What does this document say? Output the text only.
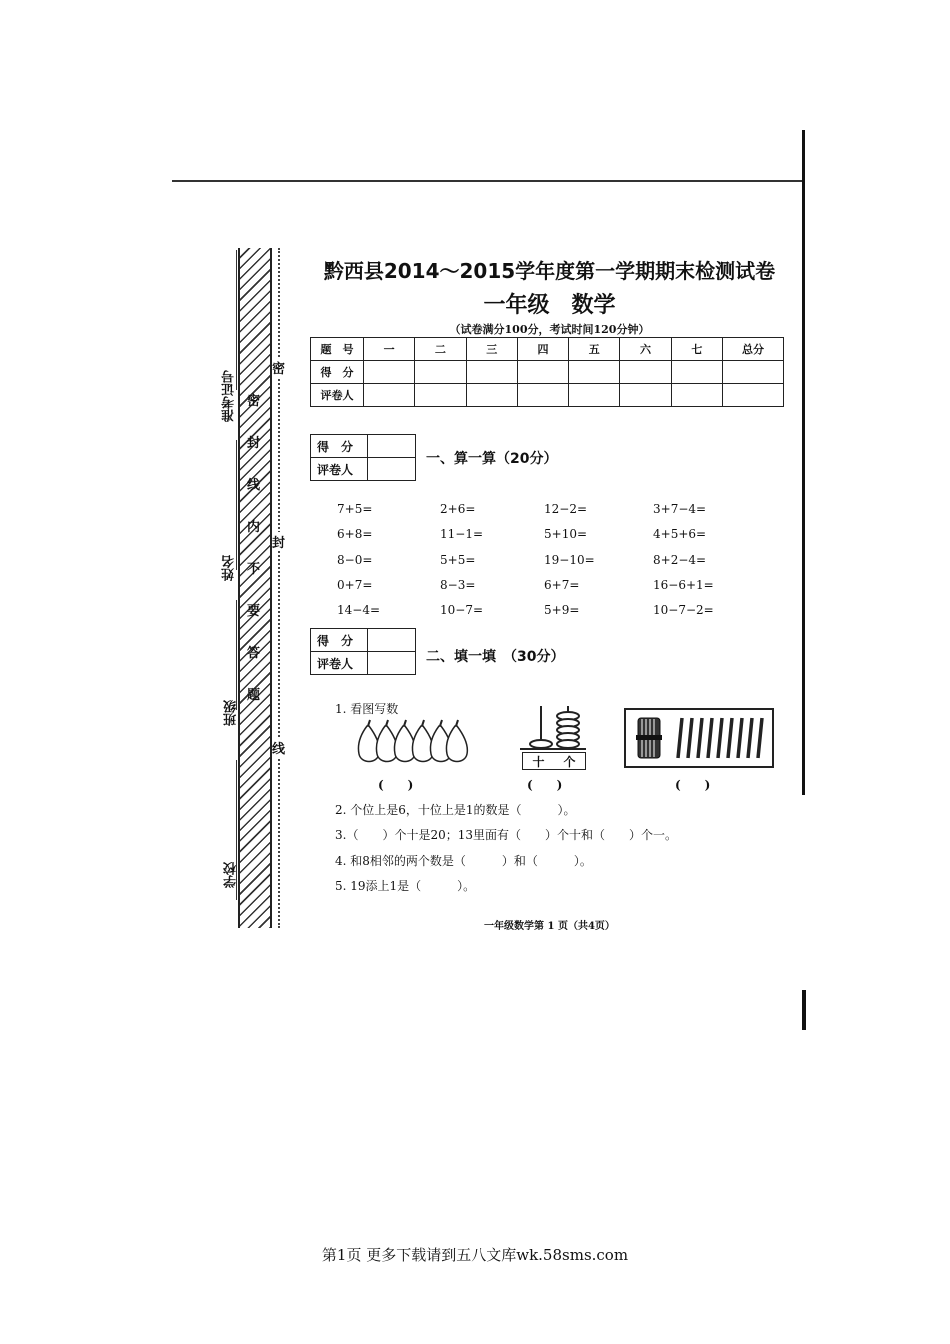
准考证号
姓名
班级
学校
密
封
线
内
不
要
答
题
密
封
线
黔西县2014～2015学年度第一学期期末检测试卷
一年级　数学
（试卷满分100分，考试时间120分钟）
题　号	一	二	三	四	五	六	七	总分
得　分								
评卷人								
得　分	
评卷人	
一、算一算（20分）
7+5=	2+6=	12−2=	3+7−4=
6+8=	11−1=	5+10=	4+5+6=
8−0=	5+5=	19−10=	8+2−4=
0+7=	8−3=	6+7=	16−6+1=
14−4=	10−7=	5+9=	10−7−2=
得　分	
评卷人		二、填一填　（30分）
1. 看图写数
十 个
(　　)	(　　)	(　　)
2. 个位上是6，十位上是1的数是（　　　）。
3.（　　）个十是20；13里面有（　　）个十和（　　）个一。
4. 和8相邻的两个数是（　　　）和（　　　）。
5. 19添上1是（　　　）。
一年级数学第 1 页（共4页）
第1页 更多下载请到五八文库wk.58sms.com
